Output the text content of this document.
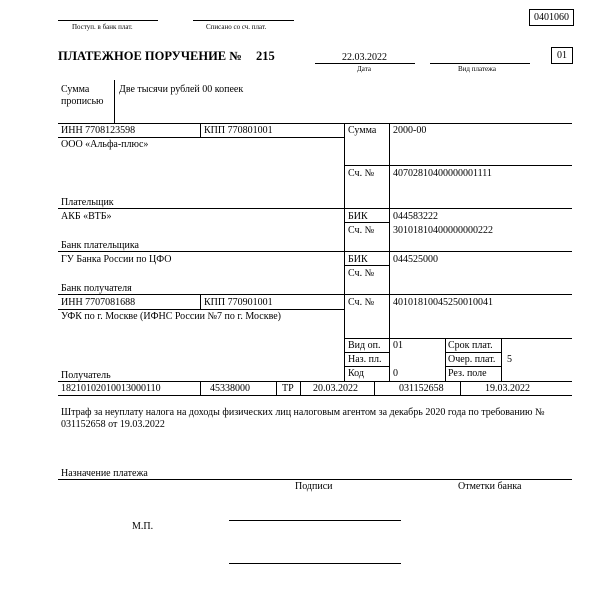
0401060
Поступ. в банк плат.	Списано со сч. плат.
ПЛАТЕЖНОЕ ПОРУЧЕНИЕ № 215	22.03.2022
Дата	Вид платежа
01
Сумма
прописью
Две тысячи рублей 00 копеек
ИНН 7708123598	КПП 770801001
ООО «Альфа-плюс»
Плательщик
Сумма 2000-00
Сч. № 40702810400000001111
АКБ «ВТБ»
Банк плательщика
БИК	044583222
Сч. № 30101810400000000222
ГУ Банка России по ЦФО
Банк получателя
БИК	044525000
Сч. №
ИНН 7707081688	КПП 770901001
УФК по г. Москве (ИФНС России №7 по г. Москве)
Получатель
Сч. № 40101810045250010041
Вид оп. 01	Срок плат.
Наз. пл.	Очер. плат. 5
Код	0	Рез. поле
18210102010013000110	45338000	ТР 20.03.2022	031152658	19.03.2022
Штраф за неуплату налога на доходы физических лиц налоговым агентом за декабрь 2020 года по требованию № 031152658 от 19.03.2022
Назначение платежа
Подписи	Отметки банка
М.П.
